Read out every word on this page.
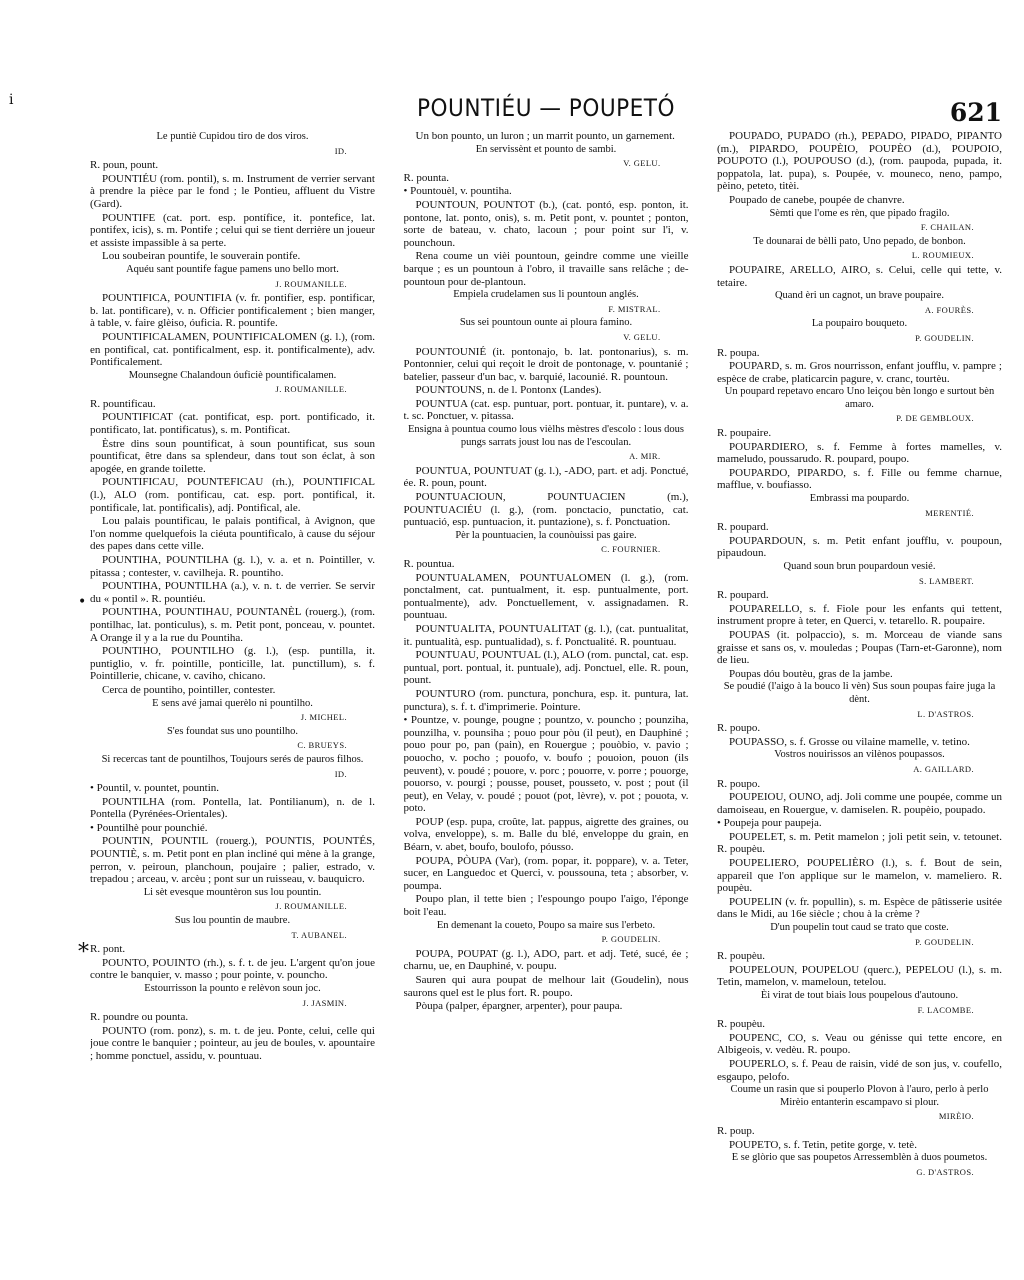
i
•
*
POUNTIÉU — POUPETÓ	621

Le puntiè Cupidou tiro de dos viros.

ID.

R. poun, pount.

POUNTIÉU (rom. pontil), s. m. Instrument de verrier servant à prendre la pièce par le fond ; le Pontieu, affluent du Vistre (Gard).

POUNTIFE (cat. port. esp. pontífice, it. pontefice, lat. pontifex, icis), s. m. Pontife ; celui qui se tient derrière un joueur et assiste impassible à sa perte.

Lou soubeiran pountife, le souverain pontife.

Aquéu sant pountife fague pamens uno bello mort.

J. ROUMANILLE.

POUNTIFICA, POUNTIFIA (v. fr. pontifier, esp. pontificar, b. lat. pontificare), v. n. Officier pontificalement ; bien manger, à table, v. faire glèiso, óuficia. R. pountife.

POUNTIFICALAMEN, POUNTIFICALOMEN (g. l.), (rom. en pontifical, cat. pontificalment, esp. it. pontificalmente), adv. Pontificalement.

Mounsegne Chalandoun óuficiè pountificalamen.

J. ROUMANILLE.

R. pountificau.

POUNTIFICAT (cat. pontificat, esp. port. pontificado, it. pontificato, lat. pontificatus), s. m. Pontificat.

Èstre dins soun pountificat, à soun pountificat, sus soun pountificat, être dans sa splendeur, dans tout son éclat, à son apogée, en grande toilette.

POUNTIFICAU, POUNTEFICAU (rh.), POUNTIFICAL (l.), ALO (rom. pontificau, cat. esp. port. pontifical, it. pontificale, lat. pontificalis), adj. Pontifical, ale.

Lou palais pountificau, le palais pontifical, à Avignon, que l'on nomme quelquefois la ciéuta pountificalo, à cause du séjour des papes dans cette ville.

POUNTIHA, POUNTILHA (g. l.), v. a. et n. Pointiller, v. pitassa ; contester, v. cavilheja. R. pountiho.

POUNTIHA, POUNTILHA (a.), v. n. t. de verrier. Se servir du « pontil ». R. pountiéu.

POUNTIHA, POUNTIHAU, POUNTANÈL (rouerg.), (rom. pontilhac, lat. ponticulus), s. m. Petit pont, ponceau, v. pountet. A Orange il y a la rue du Pountiha.

POUNTIHO, POUNTILHO (g. l.), (esp. puntilla, it. puntiglio, v. fr. pointille, ponticille, lat. punctillum), s. f. Pointillerie, chicane, v. caviho, chicano.

Cerca de pountiho, pointiller, contester.

E sens avé jamai querèlo ni pountilho.

J. MICHEL.

S'es foundat sus uno pountilho.

C. BRUEYS.

Si recercas tant de pountilhos, Toujours serés de pauros filhos.

ID.

• Pountil, v. pountet, pountin.

POUNTILHA (rom. Pontella, lat. Pontilianum), n. de l. Pontella (Pyrénées-Orientales).

• Pountilhè pour pounchié.

POUNTIN, POUNTIL (rouerg.), POUNTIS, POUNTÉS, POUNTIÈ, s. m. Petit pont en plan incliné qui mène à la grange, perron, v. peiroun, planchoun, poujaire ; palier, estrado, v. trepadou ; arceau, v. arcèu ; pont sur un ruisseau, v. bauquicro.

Li sèt evesque mountèron sus lou pountin.

J. ROUMANILLE.

Sus lou pountin de maubre.

T. AUBANEL.

R. pont.

POUNTO, POUINTO (rh.), s. f. t. de jeu. L'argent qu'on joue contre le banquier, v. masso ; pour pointe, v. pouncho.

Estourrisson la pounto e relèvon soun joc.

J. JASMIN.

R. poundre ou pounta.

POUNTO (rom. ponz), s. m. t. de jeu. Ponte, celui, celle qui joue contre le banquier ; pointeur, au jeu de boules, v. apountaire ; homme ponctuel, assidu, v. pountuau.

Un bon pounto, un luron ; un marrit pounto, un garnement.

En servissènt et pounto de sambi.

V. GELU.

R. pounta.

• Pountouèl, v. pountiha.

POUNTOUN, POUNTOT (b.), (cat. pontó, esp. ponton, it. pontone, lat. ponto, onis), s. m. Petit pont, v. pountet ; ponton, sorte de bateau, v. chato, lacoun ; pour point sur l'i, v. pounchoun.

Rena coume un vièi pountoun, geindre comme une vieille barque ; es un pountoun à l'obro, il travaille sans relâche ; de-pountoun pour de-plantoun.

Empiela crudelamen sus li pountoun anglés.

F. MISTRAL.

Sus sei pountoun ounte ai ploura famino.

V. GELU.

POUNTOUNIÉ (it. pontonajo, b. lat. pontonarius), s. m. Pontonnier, celui qui reçoit le droit de pontonage, v. pountanié ; batelier, passeur d'un bac, v. barquié, lacounié. R. pountoun.

POUNTOUNS, n. de l. Pontonx (Landes).

POUNTUA (cat. esp. puntuar, port. pontuar, it. puntare), v. a. t. sc. Ponctuer, v. pitassa.

Ensigna à pountua coumo lous vièlhs mèstres d'escolo : lous dous pungs sarrats joust lou nas de l'escoulan.

A. MIR.

POUNTUA, POUNTUAT (g. l.), -ADO, part. et adj. Ponctué, ée. R. poun, pount.

POUNTUACIOUN, POUNTUACIEN (m.), POUNTUACIÉU (l. g.), (rom. ponctacio, punctatio, cat. puntuació, esp. puntuacion, it. puntazione), s. f. Ponctuation.

Pèr la pountuacien, la counòuissi pas gaire.

C. FOURNIER.

R. pountua.

POUNTUALAMEN, POUNTUALOMEN (l. g.), (rom. ponctalment, cat. puntualment, it. esp. puntualmente, port. pontualmente), adv. Ponctuellement, v. assignadamen. R. pountuau.

POUNTUALITA, POUNTUALITAT (g. l.), (cat. puntualitat, it. puntualità, esp. puntualidad), s. f. Ponctualité. R. pountuau.

POUNTUAU, POUNTUAL (l.), ALO (rom. punctal, cat. esp. puntual, port. pontual, it. puntuale), adj. Ponctuel, elle. R. poun, pount.

POUNTURO (rom. punctura, ponchura, esp. it. puntura, lat. punctura), s. f. t. d'imprimerie. Pointure.

• Pountze, v. pounge, pougne ; pountzo, v. pouncho ; pounziha, pounzilha, v. pounsiha ; pouo pour pòu (il peut), en Dauphiné ; pouo pour po, pan (pain), en Rouergue ; pouòbio, v. pavio ; pouocho, v. pocho ; pouofo, v. boufo ; pouoion, pouon (ils peuvent), v. poudé ; pouore, v. porc ; pouorre, v. porre ; pouorge, pouorso, v. pourgi ; pousse, pouset, pousseto, v. post ; pout (il peut), en Velay, v. poudé ; pouot (pot, lèvre), v. pot ; pouota, v. poto.

POUP (esp. pupa, croûte, lat. pappus, aigrette des graines, ou volva, enveloppe), s. m. Balle du blé, enveloppe du grain, en Béarn, v. abet, boufo, boulofo, póusso.

POUPA, PÒUPA (Var), (rom. popar, it. poppare), v. a. Teter, sucer, en Languedoc et Querci, v. poussouna, teta ; absorber, v. poumpa.

Poupo plan, il tette bien ; l'espoungo poupo l'aigo, l'éponge boit l'eau.

En demenant la coueto, Poupo sa maire sus l'erbeto.

P. GOUDELIN.

POUPA, POUPAT (g. l.), ADO, part. et adj. Teté, sucé, ée ; charnu, ue, en Dauphiné, v. poupu.

Sauren qui aura poupat de melhour lait (Goudelin), nous saurons quel est le plus fort. R. poupo.

Pòupa (palper, épargner, arpenter), pour paupa.

POUPADO, PUPADO (rh.), PEPADO, PIPADO, PIPANTO (m.), PIPARDO, POUPÈIO, POUPÈO (d.), POUPOIO, POUPOTO (l.), POUPOUSO (d.), (rom. paupoda, pupada, it. poppatola, lat. pupa), s. Poupée, v. mouneco, neno, pampo, pèino, peteto, titèi.

Poupado de canebe, poupée de chanvre.

Sèmti que l'ome es rèn, que pipado fragilo.

F. CHAILAN.

Te dounarai de bèlli pato, Uno pepado, de bonbon.

L. ROUMIEUX.

POUPAIRE, ARELLO, AIRO, s. Celui, celle qui tette, v. tetaire.

Quand èri un cagnot, un brave poupaire.

A. FOURÈS.

La poupairo bouqueto.

P. GOUDELIN.

R. poupa.

POUPARD, s. m. Gros nourrisson, enfant joufflu, v. pampre ; espèce de crabe, platicarcin pagure, v. cranc, tourtèu.

Un poupard repetavo encaro Uno leiçou bèn longo e surtout bèn amaro.

P. DE GEMBLOUX.

R. poupaire.

POUPARDIERO, s. f. Femme à fortes mamelles, v. mameludo, poussarudo. R. poupard, poupo.

POUPARDO, PIPARDO, s. f. Fille ou femme charnue, mafflue, v. boufiasso.

Embrassi ma poupardo.

MERENTIÉ.

R. poupard.

POUPARDOUN, s. m. Petit enfant joufflu, v. poupoun, pipaudoun.

Quand soun brun poupardoun vesié.

S. LAMBERT.

R. poupard.

POUPARELLO, s. f. Fiole pour les enfants qui tettent, instrument propre à teter, en Querci, v. tetarello. R. poupaire.

POUPAS (it. polpaccio), s. m. Morceau de viande sans graisse et sans os, v. mouledas ; Poupas (Tarn-et-Garonne), nom de lieu.

Poupas dóu boutèu, gras de la jambe.

Se poudié (l'aigo à la bouco li vèn) Sus soun poupas faire juga la dènt.

L. D'ASTROS.

R. poupo.

POUPASSO, s. f. Grosse ou vilaine mamelle, v. tetino.

Vostros nouirissos an vilènos poupassos.

A. GAILLARD.

R. poupo.

POUPEIOU, OUNO, adj. Joli comme une poupée, comme un damoiseau, en Rouergue, v. damiselen. R. poupèio, poupado.

• Poupeja pour paupeja.

POUPELET, s. m. Petit mamelon ; joli petit sein, v. tetounet. R. poupèu.

POUPELIERO, POUPELIÈRO (l.), s. f. Bout de sein, appareil que l'on applique sur le mamelon, v. mameliero. R. poupèu.

POUPELIN (v. fr. popullin), s. m. Espèce de pâtisserie usitée dans le Midi, au 16e siècle ; chou à la crème ?

D'un poupelin tout caud se trato que coste.

P. GOUDELIN.

R. poupèu.

POUPELOUN, POUPELOU (querc.), PEPELOU (l.), s. m. Tetin, mamelon, v. mameloun, tetelou.

Èi virat de tout biais lous poupelous d'autouno.

F. LACOMBE.

R. poupèu.

POUPENC, CO, s. Veau ou génisse qui tette encore, en Albigeois, v. vedèu. R. poupo.

POUPERLO, s. f. Peau de raisin, vidé de son jus, v. coufello, esgaupo, pelofo.

Coume un rasin que si pouperlo Plovon à l'auro, perlo à perlo Mirèio entanterin escampavo si plour.

MIRÈIO.

R. poup.

POUPETO, s. f. Tetin, petite gorge, v. tetè.

E se glòrio que sas poupetos Arressemblèn à duos poumetos.

G. D'ASTROS.
